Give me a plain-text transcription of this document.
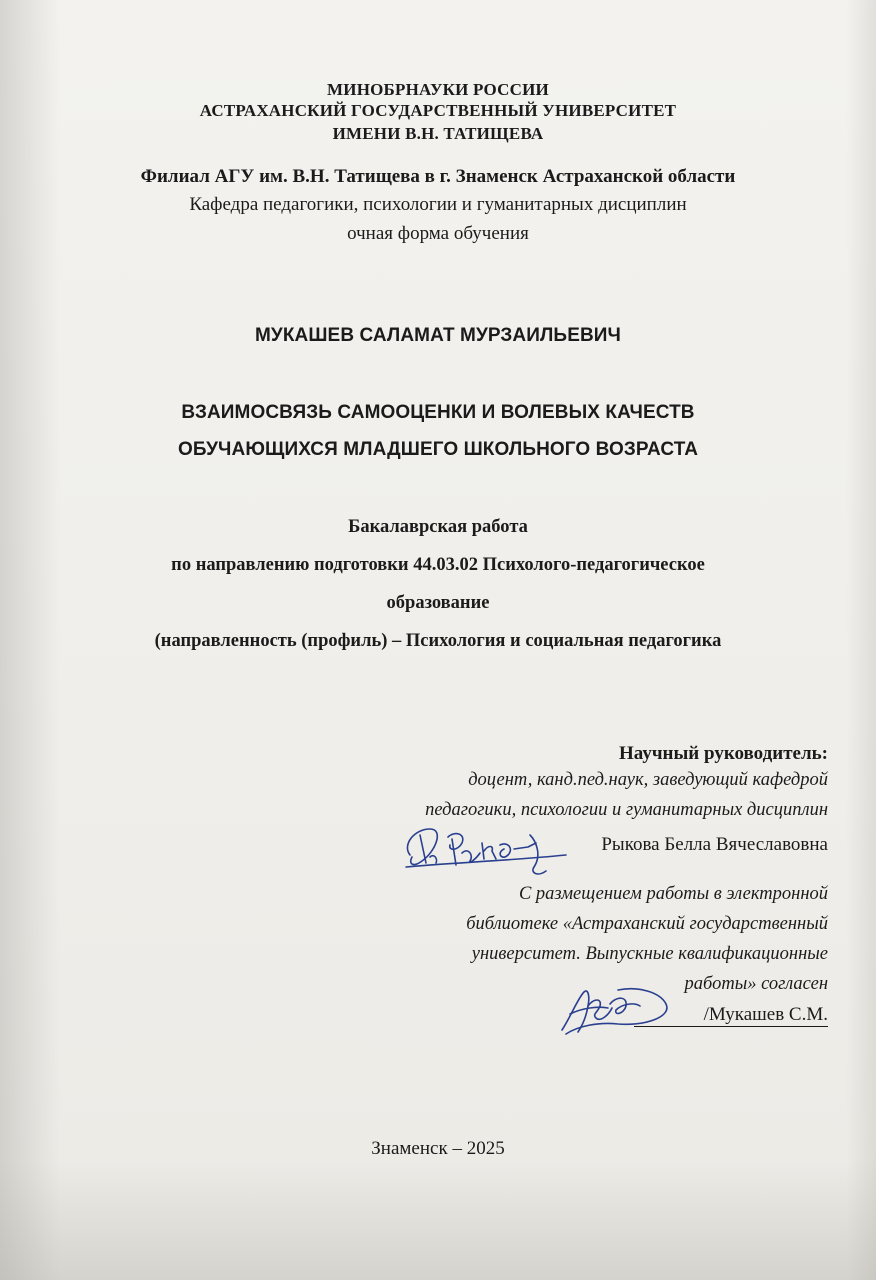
МИНОБРНАУКИ РОССИИ
АСТРАХАНСКИЙ ГОСУДАРСТВЕННЫЙ УНИВЕРСИТЕТ
ИМЕНИ В.Н. ТАТИЩЕВА
Филиал АГУ им. В.Н. Татищева в г. Знаменск Астраханской области
Кафедра педагогики, психологии и гуманитарных дисциплин
очная форма обучения
МУКАШЕВ САЛАМАТ МУРЗАИЛЬЕВИЧ
ВЗАИМОСВЯЗЬ САМООЦЕНКИ И ВОЛЕВЫХ КАЧЕСТВ
ОБУЧАЮЩИХСЯ МЛАДШЕГО ШКОЛЬНОГО ВОЗРАСТА
Бакалаврская работа
по направлению подготовки 44.03.02 Психолого-педагогическое
образование
(направленность (профиль) – Психология и социальная педагогика
Научный руководитель:
доцент, канд.пед.наук, заведующий кафедрой
педагогики, психологии и гуманитарных дисциплин
Рыкова Белла Вячеславовна
С размещением работы в электронной
библиотеке «Астраханский государственный
университет. Выпускные квалификационные
работы» согласен
/Мукашев С.М.
Знаменск – 2025
